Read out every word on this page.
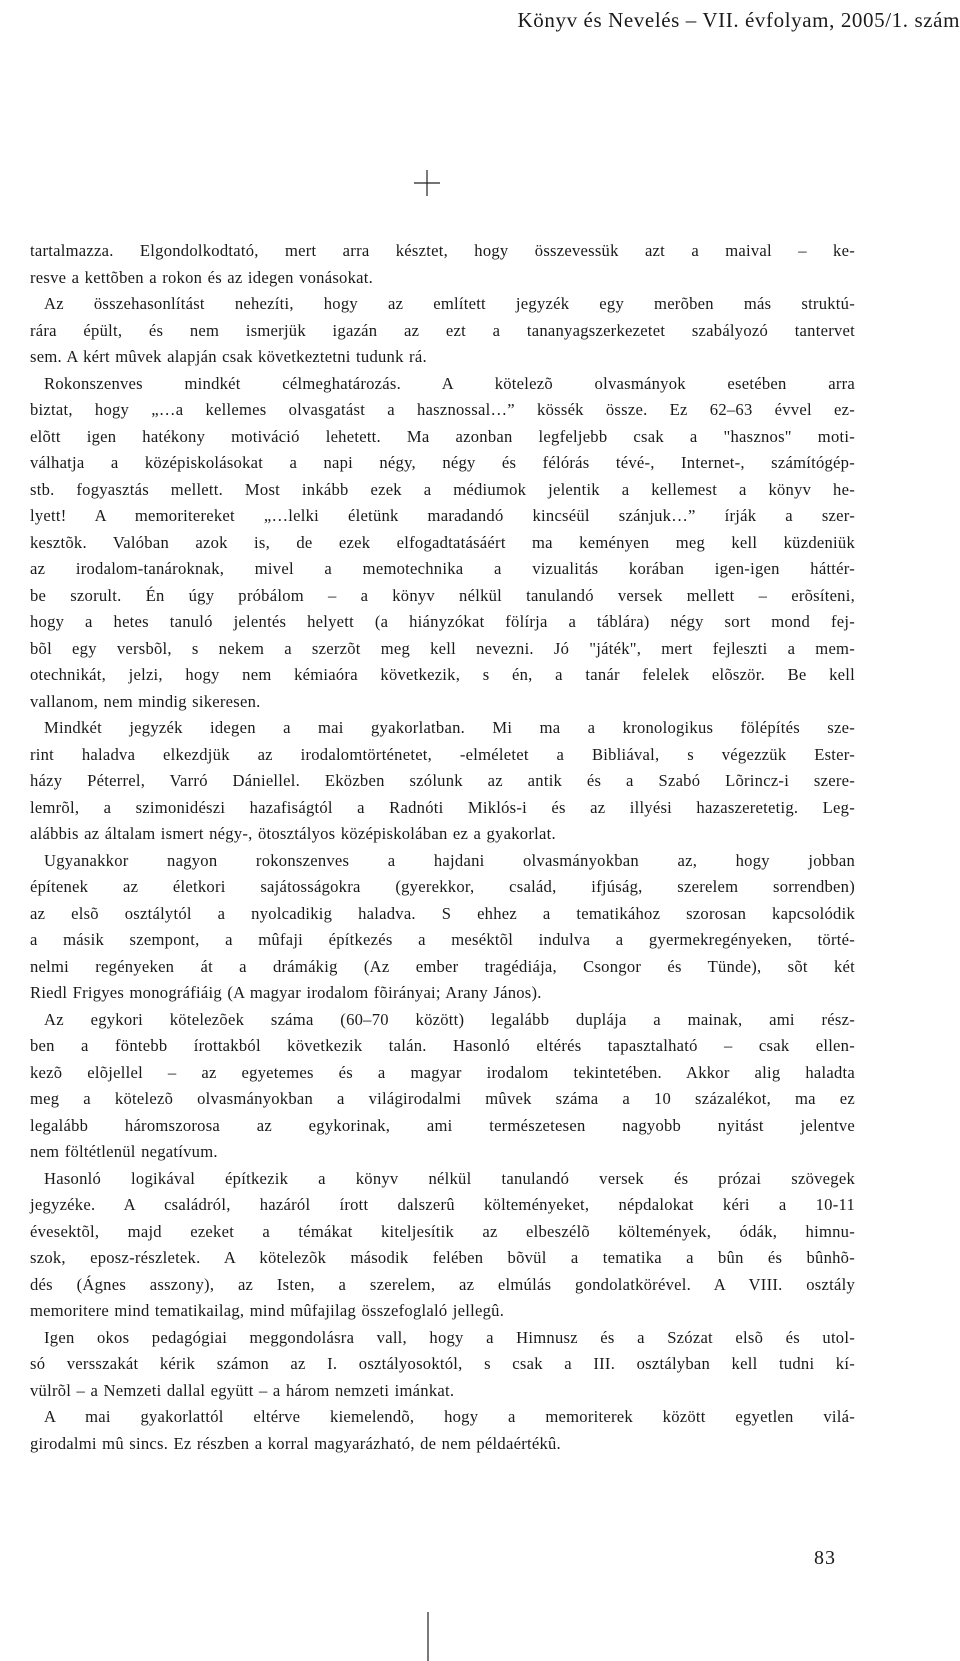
Könyv és Nevelés – VII. évfolyam, 2005/1. szám
tartalmazza. Elgondolkodtató, mert arra késztet, hogy összevessük azt a maival – ke-
resve a kettõben a rokon és az idegen vonásokat.
Az összehasonlítást nehezíti, hogy az említett jegyzék egy merõben más struktú-
rára épült, és nem ismerjük igazán az ezt a tananyagszerkezetet szabályozó tantervet
sem. A kért mûvek alapján csak következtetni tudunk rá.
Rokonszenves mindkét célmeghatározás. A kötelezõ olvasmányok esetében arra
biztat, hogy „…a kellemes olvasgatást a hasznossal…” kössék össze. Ez 62–63 évvel ez-
elõtt igen hatékony motiváció lehetett. Ma azonban legfeljebb csak a "hasznos" moti-
válhatja a középiskolásokat a napi négy, négy és félórás tévé-, Internet-, számítógép-
stb. fogyasztás mellett. Most inkább ezek a médiumok jelentik a kellemest a könyv he-
lyett! A memoritereket „…lelki életünk maradandó kincséül szánjuk…” írják a szer-
kesztõk. Valóban azok is, de ezek elfogadtatásáért ma keményen meg kell küzdeniük
az irodalom-tanároknak, mivel a memotechnika a vizualitás korában igen-igen háttér-
be szorult. Én úgy próbálom – a könyv nélkül tanulandó versek mellett – erõsíteni,
hogy a hetes tanuló jelentés helyett (a hiányzókat fölírja a táblára) négy sort mond fej-
bõl egy versbõl, s nekem a szerzõt meg kell nevezni. Jó "játék", mert fejleszti a mem-
otechnikát, jelzi, hogy nem kémiaóra következik, s én, a tanár felelek elõször. Be kell
vallanom, nem mindig sikeresen.
Mindkét jegyzék idegen a mai gyakorlatban. Mi ma a kronologikus fölépítés sze-
rint haladva elkezdjük az irodalomtörténetet, -elméletet a Bibliával, s végezzük Ester-
házy Péterrel, Varró Dániellel. Eközben szólunk az antik és a Szabó Lõrincz-i szere-
lemrõl, a szimonidészi hazafiságtól a Radnóti Miklós-i és az illyési hazaszeretetig. Leg-
alábbis az általam ismert négy-, ötosztályos középiskolában ez a gyakorlat.
Ugyanakkor nagyon rokonszenves a hajdani olvasmányokban az, hogy jobban
építenek az életkori sajátosságokra (gyerekkor, család, ifjúság, szerelem sorrendben)
az elsõ osztálytól a nyolcadikig haladva. S ehhez a tematikához szorosan kapcsolódik
a másik szempont, a mûfaji építkezés a meséktõl indulva a gyermekregényeken, törté-
nelmi regényeken át a drámákig (Az ember tragédiája, Csongor és Tünde), sõt két
Riedl Frigyes monográfiáig (A magyar irodalom fõirányai; Arany János).
Az egykori kötelezõek száma (60–70 között) legalább duplája a mainak, ami rész-
ben a föntebb írottakból következik talán. Hasonló eltérés tapasztalható – csak ellen-
kezõ elõjellel – az egyetemes és a magyar irodalom tekintetében. Akkor alig haladta
meg a kötelezõ olvasmányokban a világirodalmi mûvek száma a 10 százalékot, ma ez
legalább háromszorosa az egykorinak, ami természetesen nagyobb nyitást jelentve
nem föltétlenül negatívum.
Hasonló logikával építkezik a könyv nélkül tanulandó versek és prózai szövegek
jegyzéke. A családról, hazáról írott dalszerû költeményeket, népdalokat kéri a 10-11
évesektõl, majd ezeket a témákat kiteljesítik az elbeszélõ költemények, ódák, himnu-
szok, eposz-részletek. A kötelezõk második felében bõvül a tematika a bûn és bûnhõ-
dés (Ágnes asszony), az Isten, a szerelem, az elmúlás gondolatkörével. A VIII. osztály
memoritere mind tematikailag, mind mûfajilag összefoglaló jellegû.
Igen okos pedagógiai meggondolásra vall, hogy a Himnusz és a Szózat elsõ és utol-
só versszakát kérik számon az I. osztályosoktól, s csak a III. osztályban kell tudni kí-
vülrõl – a Nemzeti dallal együtt – a három nemzeti imánkat.
A mai gyakorlattól eltérve kiemelendõ, hogy a memoriterek között egyetlen vilá-
girodalmi mû sincs. Ez részben a korral magyarázható, de nem példaértékû.
83
